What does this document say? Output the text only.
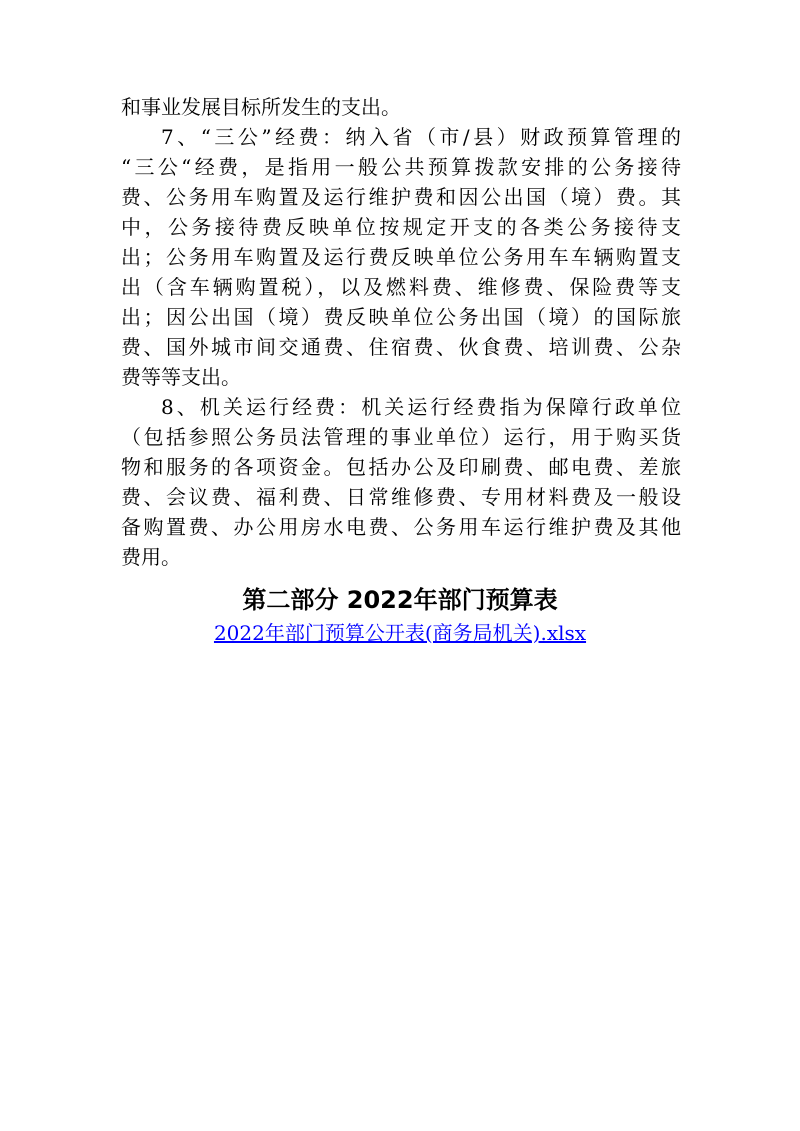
和事业发展目标所发生的支出。
7、“三公”经费：纳入省（市/县）财政预算管理的
“三公“经费，是指用一般公共预算拨款安排的公务接待
费、公务用车购置及运行维护费和因公出国（境）费。其
中，公务接待费反映单位按规定开支的各类公务接待支
出；公务用车购置及运行费反映单位公务用车车辆购置支
出（含车辆购置税），以及燃料费、维修费、保险费等支
出；因公出国（境）费反映单位公务出国（境）的国际旅
费、国外城市间交通费、住宿费、伙食费、培训费、公杂
费等等支出。
8、机关运行经费：机关运行经费指为保障行政单位
（包括参照公务员法管理的事业单位）运行，用于购买货
物和服务的各项资金。包括办公及印刷费、邮电费、差旅
费、会议费、福利费、日常维修费、专用材料费及一般设
备购置费、办公用房水电费、公务用车运行维护费及其他
费用。
第二部分 2022年部门预算表
2022年部门预算公开表(商务局机关).xlsx
